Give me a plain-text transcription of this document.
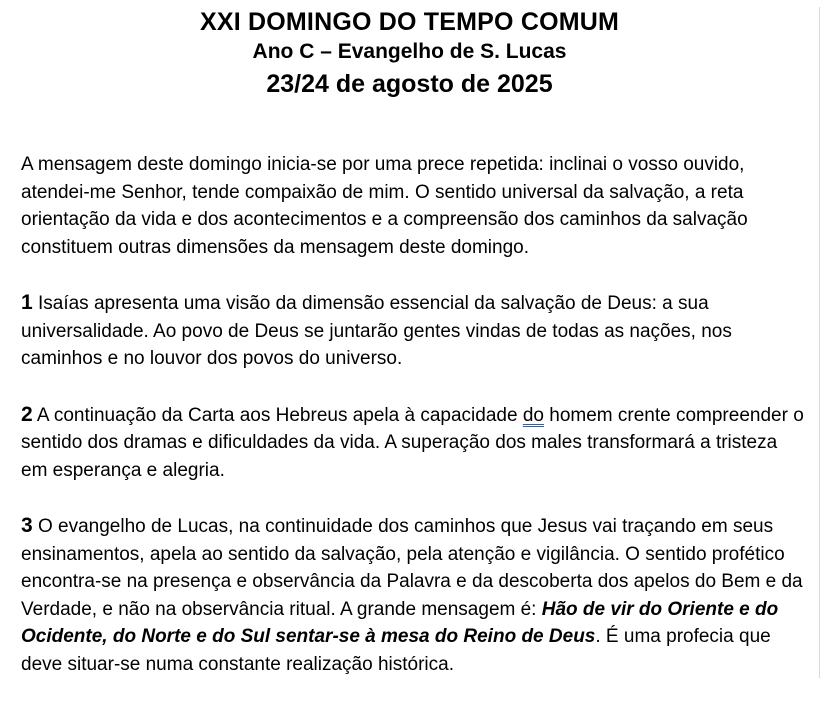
XXI DOMINGO DO TEMPO COMUM
Ano C – Evangelho de S. Lucas
23/24 de agosto de 2025

A mensagem deste domingo inicia-se por uma prece repetida: inclinai o vosso ouvido, atendei-me Senhor, tende compaixão de mim. O sentido universal da salvação, a reta orientação da vida e dos acontecimentos e a compreensão dos caminhos da salvação constituem outras dimensões da mensagem deste domingo.

1 Isaías apresenta uma visão da dimensão essencial da salvação de Deus: a sua universalidade. Ao povo de Deus se juntarão gentes vindas de todas as nações, nos caminhos e no louvor dos povos do universo.

2 A continuação da Carta aos Hebreus apela à capacidade do homem crente compreender o sentido dos dramas e dificuldades da vida. A superação dos males transformará a tristeza em esperança e alegria.

3 O evangelho de Lucas, na continuidade dos caminhos que Jesus vai traçando em seus ensinamentos, apela ao sentido da salvação, pela atenção e vigilância. O sentido profético encontra-se na presença e observância da Palavra e da descoberta dos apelos do Bem e da Verdade, e não na observância ritual. A grande mensagem é: Hão de vir do Oriente e do Ocidente, do Norte e do Sul sentar-se à mesa do Reino de Deus. É uma profecia que deve situar-se numa constante realização histórica.
